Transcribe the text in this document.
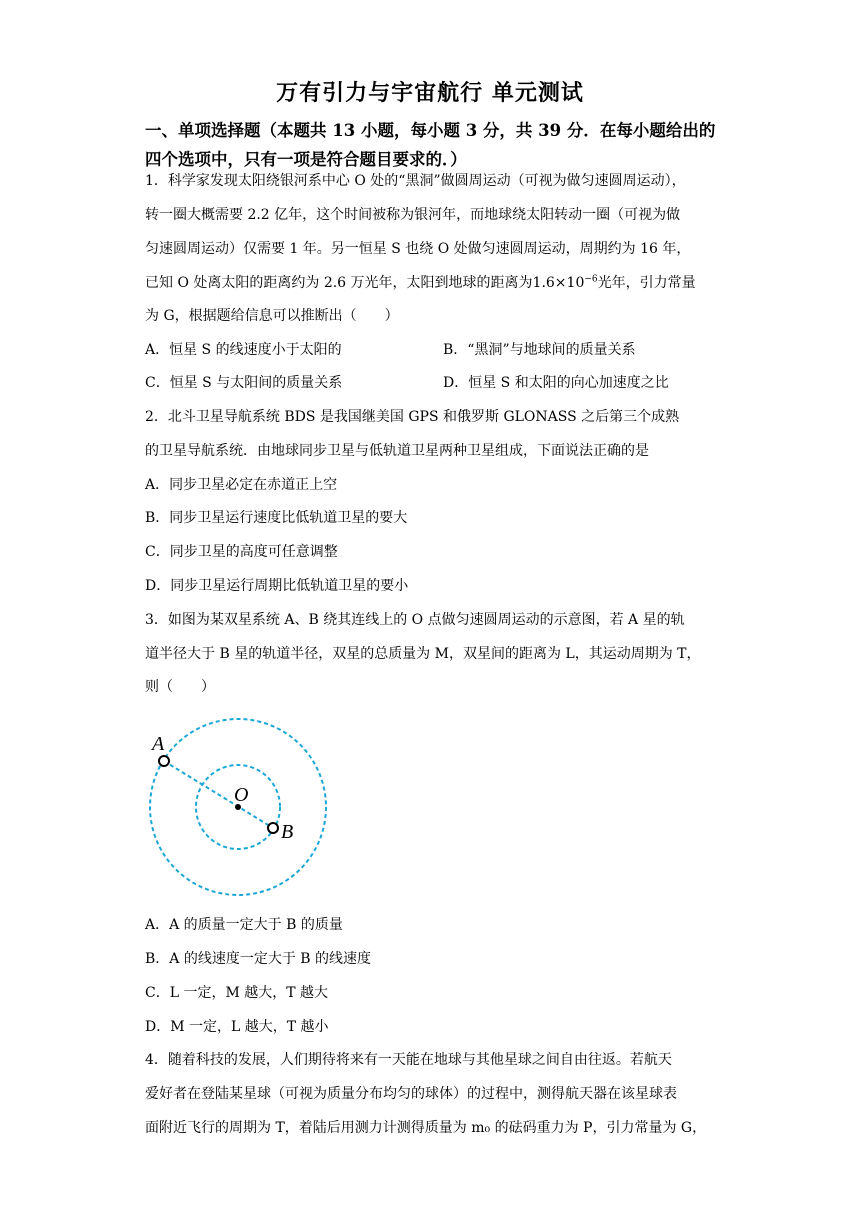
万有引力与宇宙航行 单元测试
一、单项选择题（本题共 13 小题，每小题 3 分，共 39 分．在每小题给出的
四个选项中，只有一项是符合题目要求的．）
1．科学家发现太阳绕银河系中心 O 处的“黑洞”做圆周运动（可视为做匀速圆周运动），
转一圈大概需要 2.2 亿年，这个时间被称为银河年，而地球绕太阳转动一圈（可视为做
匀速圆周运动）仅需要 1 年。另一恒星 S 也绕 O 处做匀速圆周运动，周期约为 16 年，
已知 O 处离太阳的距离约为 2.6 万光年，太阳到地球的距离为$1.6\times 10^{-6}$光年，引力常量
为 G，根据题给信息可以推断出（　　）
A．恒星 S 的线速度小于太阳的	B．“黑洞”与地球间的质量关系
C．恒星 S 与太阳间的质量关系	D．恒星 S 和太阳的向心加速度之比
2．北斗卫星导航系统 BDS 是我国继美国 GPS 和俄罗斯 GLONASS 之后第三个成熟
的卫星导航系统．由地球同步卫星与低轨道卫星两种卫星组成，下面说法正确的是
A．同步卫星必定在赤道正上空
B．同步卫星运行速度比低轨道卫星的要大
C．同步卫星的高度可任意调整
D．同步卫星运行周期比低轨道卫星的要小
3．如图为某双星系统 A、B 绕其连线上的 O 点做匀速圆周运动的示意图，若 A 星的轨
道半径大于 B 星的轨道半径，双星的总质量为 M，双星间的距离为 L，其运动周期为 T，
则（　　）
A
O
B
A．A 的质量一定大于 B 的质量
B．A 的线速度一定大于 B 的线速度
C．L 一定，M 越大，T 越大
D．M 一定，L 越大，T 越小
4．随着科技的发展，人们期待将来有一天能在地球与其他星球之间自由往返。若航天
爱好者在登陆某星球（可视为质量分布均匀的球体）的过程中，测得航天器在该星球表
面附近飞行的周期为 T，着陆后用测力计测得质量为 m₀ 的砝码重力为 P，引力常量为 G，
